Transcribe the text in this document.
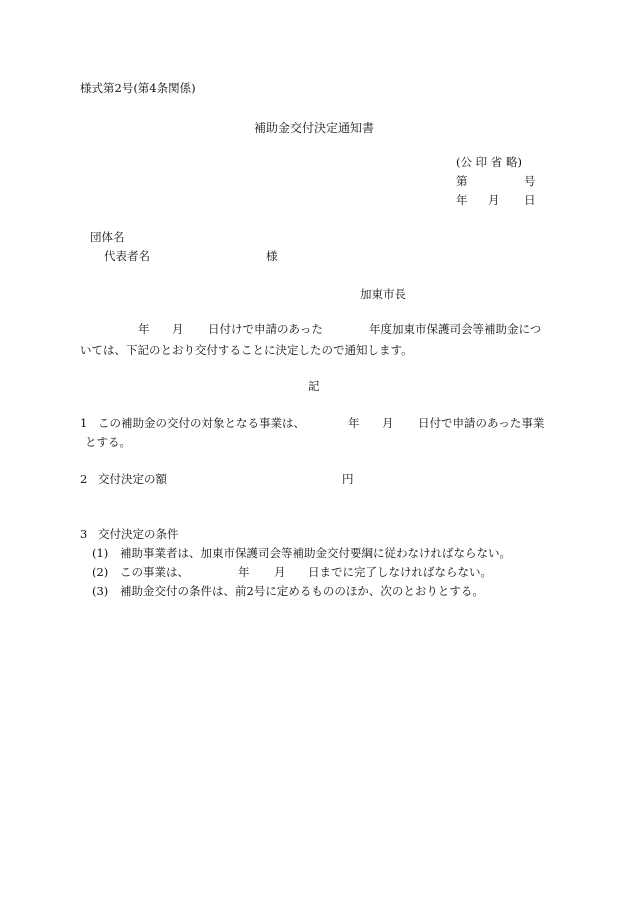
様式第2号(第4条関係)

補助金交付決定通知書

(公 印 省 略)

第	号

年 月 日

団体名

代表者名	様

加東市長

年 月 日付けで申請のあった	年度加東市保護司会等補助金につ

いては、下記のとおり交付することに決定したので通知します。

記

1 この補助金の交付の対象となる事業は、	年 月 日付で申請のあった事業

とする。

2 交付決定の額	円

3 交付決定の条件

(1) 補助事業者は、加東市保護司会等補助金交付要綱に従わなければならない。

(2) この事業は、	年 月 日までに完了しなければならない。

(3) 補助金交付の条件は、前2号に定めるもののほか、次のとおりとする。
